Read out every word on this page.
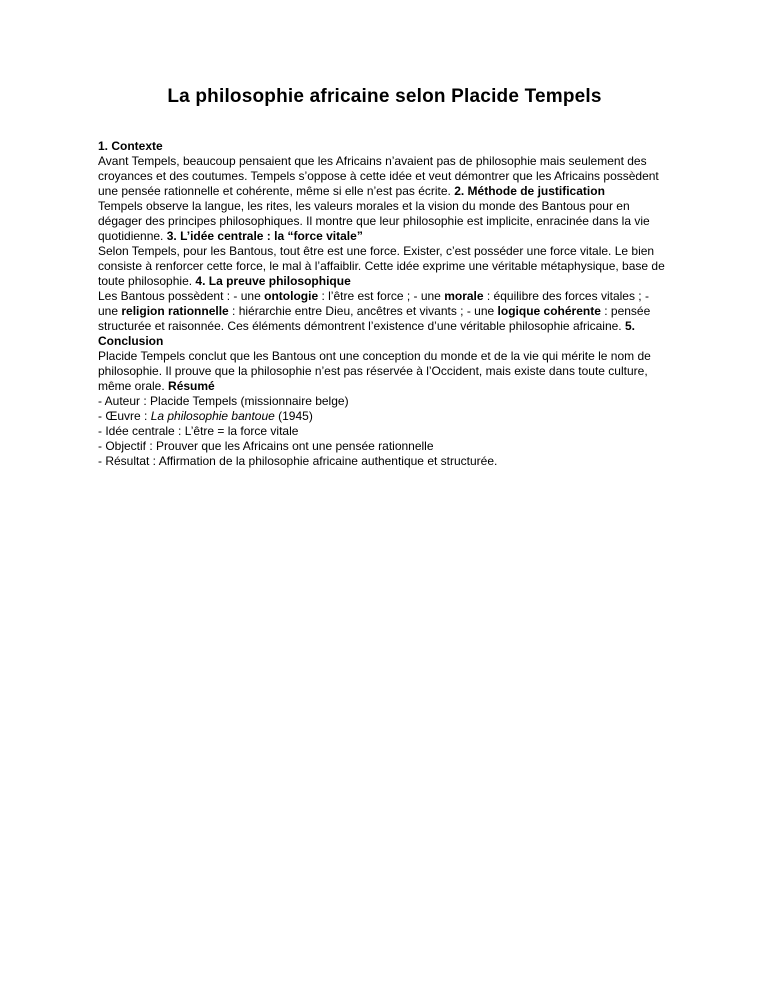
La philosophie africaine selon Placide Tempels

1. Contexte

Avant Tempels, beaucoup pensaient que les Africains n’avaient pas de philosophie mais seulement des croyances et des coutumes. Tempels s’oppose à cette idée et veut démontrer que les Africains possèdent une pensée rationnelle et cohérente, même si elle n’est pas écrite. 2. Méthode de justification

Tempels observe la langue, les rites, les valeurs morales et la vision du monde des Bantous pour en dégager des principes philosophiques. Il montre que leur philosophie est implicite, enracinée dans la vie quotidienne. 3. L’idée centrale : la “force vitale”

Selon Tempels, pour les Bantous, tout être est une force. Exister, c’est posséder une force vitale. Le bien consiste à renforcer cette force, le mal à l’affaiblir. Cette idée exprime une véritable métaphysique, base de toute philosophie. 4. La preuve philosophique

Les Bantous possèdent : - une ontologie : l’être est force ; - une morale : équilibre des forces vitales ; - une religion rationnelle : hiérarchie entre Dieu, ancêtres et vivants ; - une logique cohérente : pensée structurée et raisonnée. Ces éléments démontrent l’existence d’une véritable philosophie africaine. 5. Conclusion

Placide Tempels conclut que les Bantous ont une conception du monde et de la vie qui mérite le nom de philosophie. Il prouve que la philosophie n’est pas réservée à l’Occident, mais existe dans toute culture, même orale. Résumé

- Auteur : Placide Tempels (missionnaire belge)

- Œuvre : La philosophie bantoue (1945)

- Idée centrale : L’être = la force vitale

- Objectif : Prouver que les Africains ont une pensée rationnelle

- Résultat : Affirmation de la philosophie africaine authentique et structurée.
